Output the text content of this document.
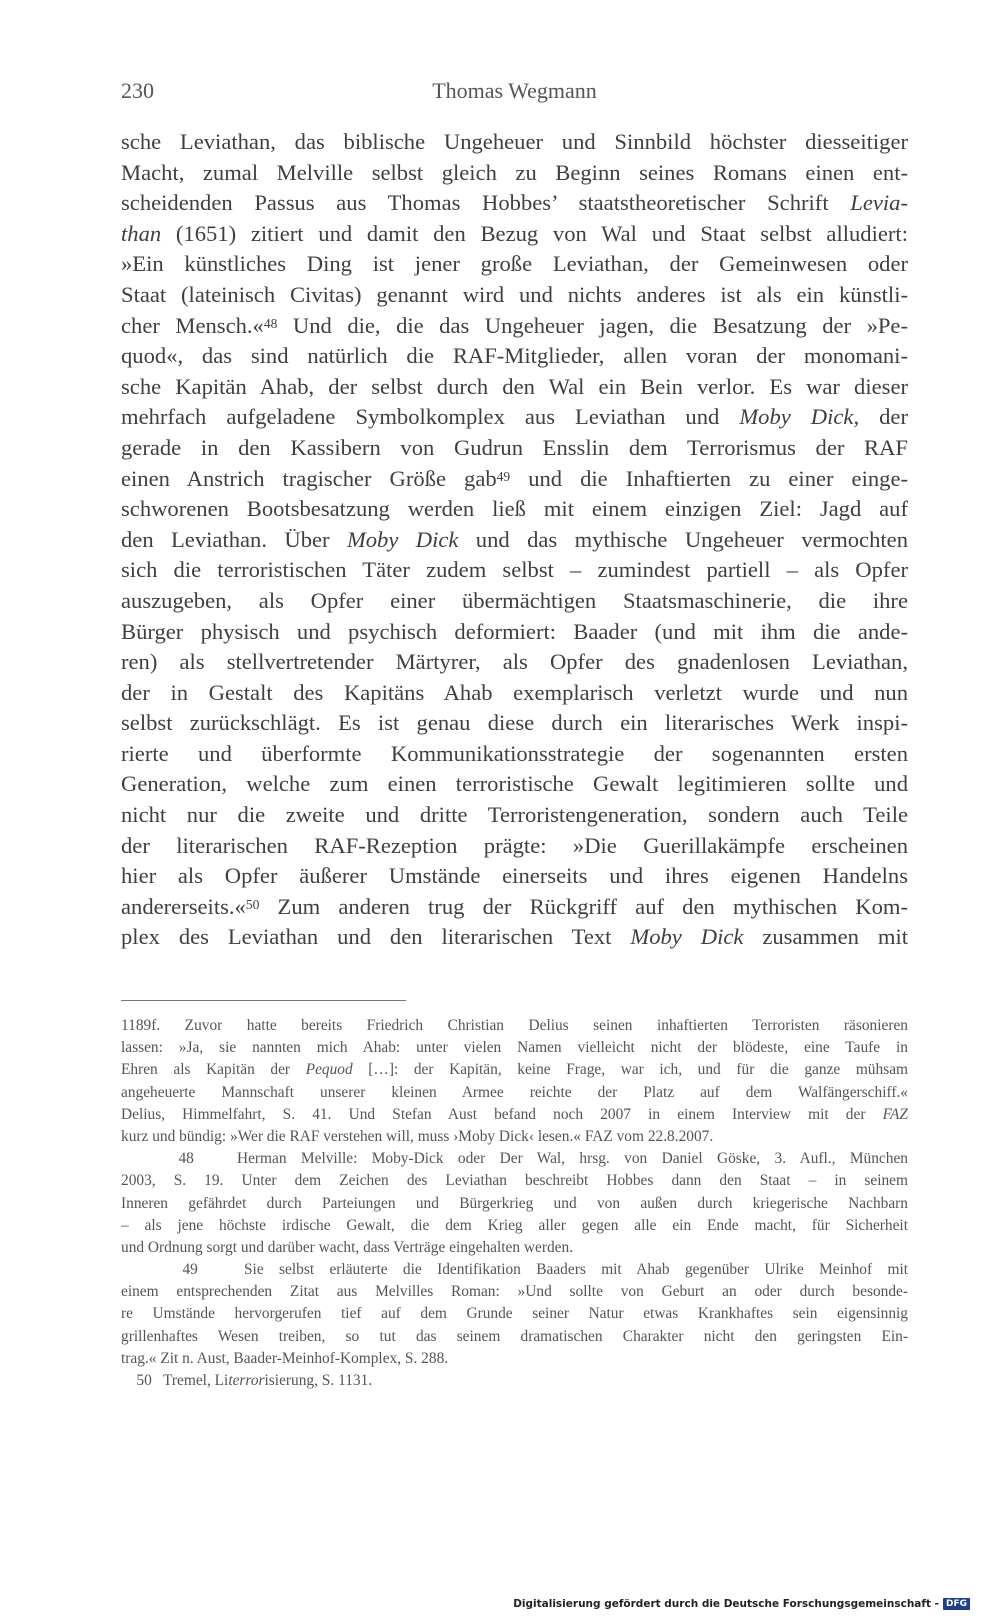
230	Thomas Wegmann
sche Leviathan, das biblische Ungeheuer und Sinnbild höchster diesseitiger
Macht, zumal Melville selbst gleich zu Beginn seines Romans einen ent-
scheidenden Passus aus Thomas Hobbes’ staatstheoretischer Schrift Levia-
than (1651) zitiert und damit den Bezug von Wal und Staat selbst alludiert:
»Ein künstliches Ding ist jener große Leviathan, der Gemeinwesen oder
Staat (lateinisch Civitas) genannt wird und nichts anderes ist als ein künstli-
cher Mensch.«$^{48}$ Und die, die das Ungeheuer jagen, die Besatzung der »Pe-
quod«, das sind natürlich die RAF-Mitglieder, allen voran der monomani-
sche Kapitän Ahab, der selbst durch den Wal ein Bein verlor. Es war dieser
mehrfach aufgeladene Symbolkomplex aus Leviathan und Moby Dick, der
gerade in den Kassibern von Gudrun Ensslin dem Terrorismus der RAF
einen Anstrich tragischer Größe gab$^{49}$ und die Inhaftierten zu einer einge-
schworenen Bootsbesatzung werden ließ mit einem einzigen Ziel: Jagd auf
den Leviathan. Über Moby Dick und das mythische Ungeheuer vermochten
sich die terroristischen Täter zudem selbst – zumindest partiell – als Opfer
auszugeben, als Opfer einer übermächtigen Staatsmaschinerie, die ihre
Bürger physisch und psychisch deformiert: Baader (und mit ihm die ande-
ren) als stellvertretender Märtyrer, als Opfer des gnadenlosen Leviathan,
der in Gestalt des Kapitäns Ahab exemplarisch verletzt wurde und nun
selbst zurückschlägt. Es ist genau diese durch ein literarisches Werk inspi-
rierte und überformte Kommunikationsstrategie der sogenannten ersten
Generation, welche zum einen terroristische Gewalt legitimieren sollte und
nicht nur die zweite und dritte Terroristengeneration, sondern auch Teile
der literarischen RAF-Rezeption prägte: »Die Guerillakämpfe erscheinen
hier als Opfer äußerer Umstände einerseits und ihres eigenen Handelns
andererseits.«$^{50}$ Zum anderen trug der Rückgriff auf den mythischen Kom-
plex des Leviathan und den literarischen Text Moby Dick zusammen mit
1189f. Zuvor hatte bereits Friedrich Christian Delius seinen inhaftierten Terroristen räsonieren
lassen: »Ja, sie nannten mich Ahab: unter vielen Namen vielleicht nicht der blödeste, eine Taufe in
Ehren als Kapitän der Pequod […]: der Kapitän, keine Frage, war ich, und für die ganze mühsam
angeheuerte Mannschaft unserer kleinen Armee reichte der Platz auf dem Walfängerschiff.«
Delius, Himmelfahrt, S. 41. Und Stefan Aust befand noch 2007 in einem Interview mit der FAZ
kurz und bündig: »Wer die RAF verstehen will, muss ›Moby Dick‹ lesen.« FAZ vom 22.8.2007.
48   Herman Melville: Moby-Dick oder Der Wal, hrsg. von Daniel Göske, 3. Aufl., München
2003, S. 19. Unter dem Zeichen des Leviathan beschreibt Hobbes dann den Staat – in seinem
Inneren gefährdet durch Parteiungen und Bürgerkrieg und von außen durch kriegerische Nachbarn
– als jene höchste irdische Gewalt, die dem Krieg aller gegen alle ein Ende macht, für Sicherheit
und Ordnung sorgt und darüber wacht, dass Verträge eingehalten werden.
49   Sie selbst erläuterte die Identifikation Baaders mit Ahab gegenüber Ulrike Meinhof mit
einem entsprechenden Zitat aus Melvilles Roman: »Und sollte von Geburt an oder durch besonde-
re Umstände hervorgerufen tief auf dem Grunde seiner Natur etwas Krankhaftes sein eigensinnig
grillenhaftes Wesen treiben, so tut das seinem dramatischen Charakter nicht den geringsten Ein-
trag.« Zit n. Aust, Baader-Meinhof-Komplex, S. 288.
50   Tremel, Literrorisierung, S. 1131.
Digitalisierung gefördert durch die Deutsche Forschungsgemeinschaft - DFG
